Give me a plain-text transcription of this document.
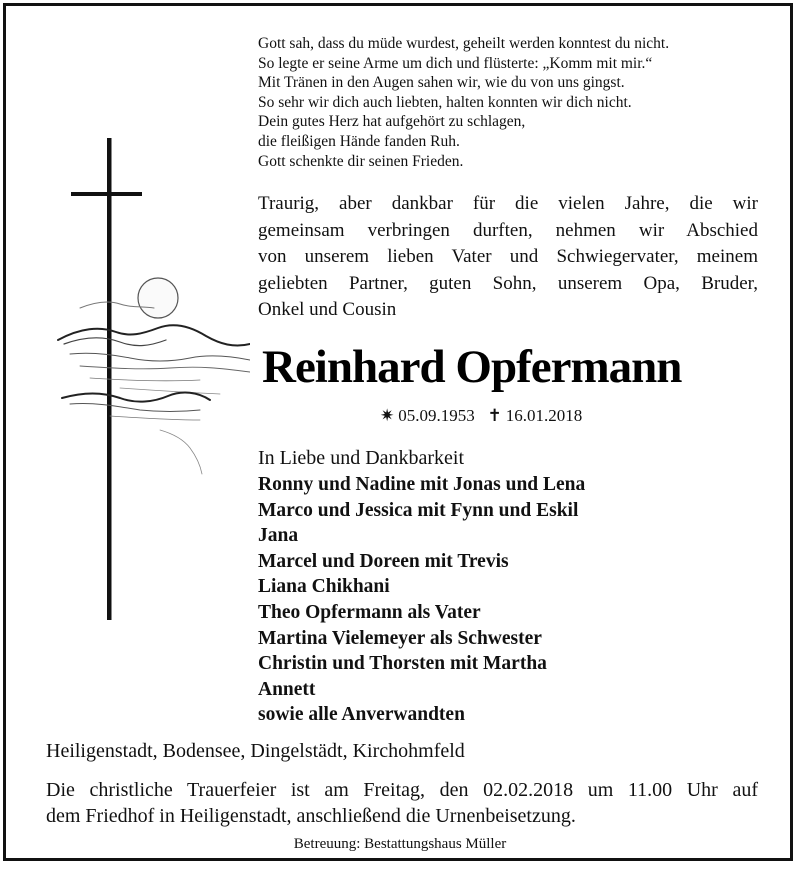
Gott sah, dass du müde wurdest, geheilt werden konntest du nicht.
So legte er seine Arme um dich und flüsterte: „Komm mit mir.“
Mit Tränen in den Augen sahen wir, wie du von uns gingst.
So sehr wir dich auch liebten, halten konnten wir dich nicht.
Dein gutes Herz hat aufgehört zu schlagen,
die fleißigen Hände fanden Ruh.
Gott schenkte dir seinen Frieden.
Traurig, aber dankbar für die vielen Jahre, die wir
gemeinsam verbringen durften, nehmen wir Abschied
von unserem lieben Vater und Schwiegervater, meinem
geliebten Partner, guten Sohn, unserem Opa, Bruder,
Onkel und Cousin
Reinhard Opfermann
✷ 05.09.1953 ✝ 16.01.2018
In Liebe und Dankbarkeit
Ronny und Nadine mit Jonas und Lena
Marco und Jessica mit Fynn und Eskil
Jana
Marcel und Doreen mit Trevis
Liana Chikhani
Theo Opfermann als Vater
Martina Vielemeyer als Schwester
Christin und Thorsten mit Martha
Annett
sowie alle Anverwandten
Heiligenstadt, Bodensee, Dingelstädt, Kirchohmfeld
Die christliche Trauerfeier ist am Freitag, den 02.02.2018 um 11.00 Uhr auf
dem Friedhof in Heiligenstadt, anschließend die Urnenbeisetzung.
Betreuung: Bestattungshaus Müller
